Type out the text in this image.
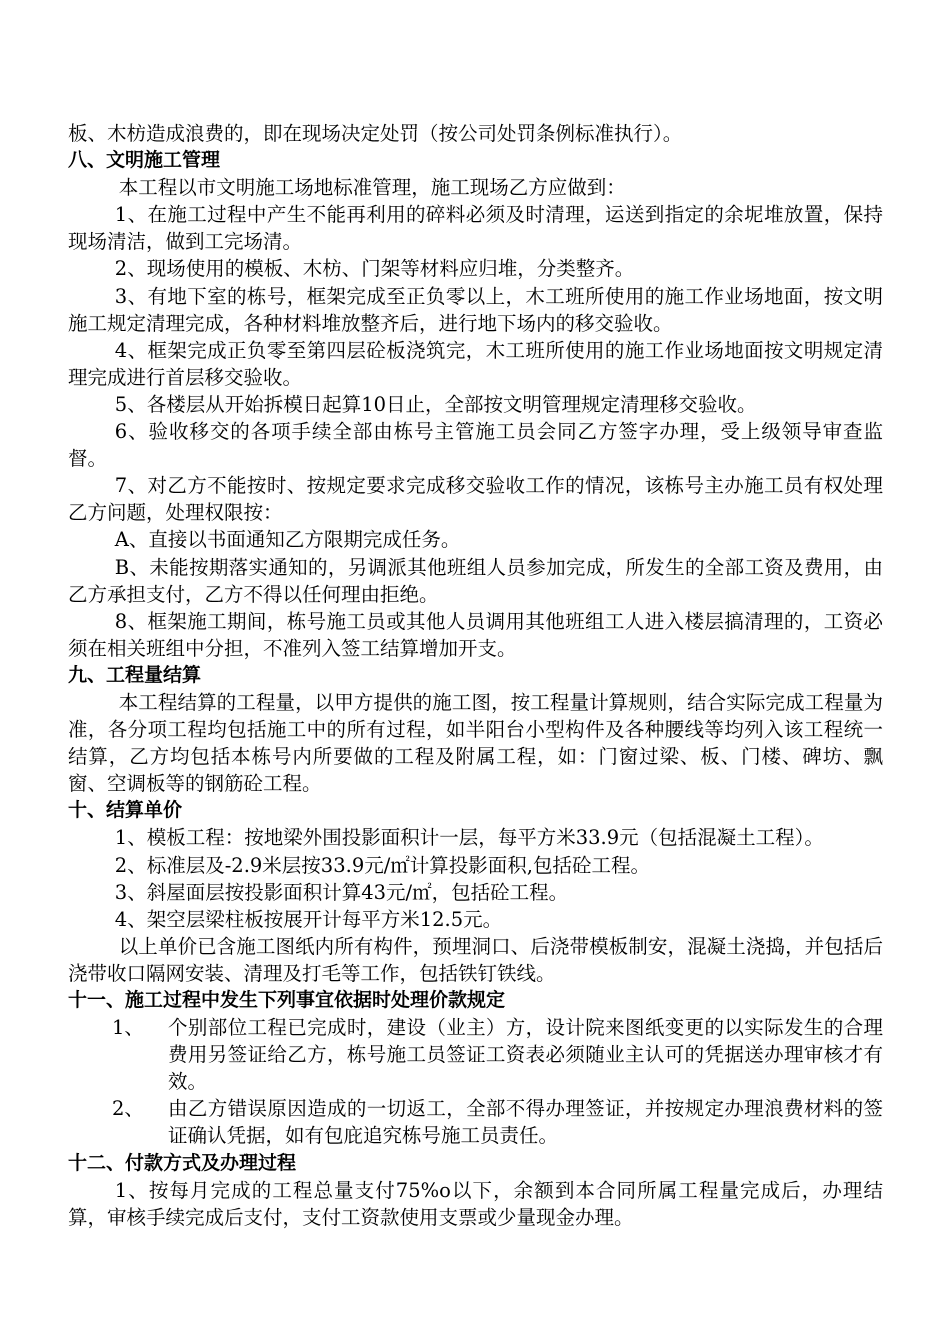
板、木枋造成浪费的，即在现场决定处罚（按公司处罚条例标准执行）。

八、文明施工管理

本工程以市文明施工场地标准管理，施工现场乙方应做到：

1、在施工过程中产生不能再利用的碎料必须及时清理，运送到指定的余坭堆放置，保持现场清洁，做到工完场清。

2、现场使用的模板、木枋、门架等材料应归堆，分类整齐。

3、有地下室的栋号，框架完成至正负零以上，木工班所使用的施工作业场地面，按文明施工规定清理完成，各种材料堆放整齐后，进行地下场内的移交验收。

4、框架完成正负零至第四层砼板浇筑完，木工班所使用的施工作业场地面按文明规定清理完成进行首层移交验收。

5、各楼层从开始拆模日起算10日止，全部按文明管理规定清理移交验收。

6、验收移交的各项手续全部由栋号主管施工员会同乙方签字办理，受上级领导审查监督。

7、对乙方不能按时、按规定要求完成移交验收工作的情况，该栋号主办施工员有权处理乙方问题，处理权限按：

A、直接以书面通知乙方限期完成任务。

B、未能按期落实通知的，另调派其他班组人员参加完成，所发生的全部工资及费用，由乙方承担支付，乙方不得以任何理由拒绝。

8、框架施工期间，栋号施工员或其他人员调用其他班组工人进入楼层搞清理的，工资必须在相关班组中分担，不准列入签工结算增加开支。

九、工程量结算

本工程结算的工程量，以甲方提供的施工图，按工程量计算规则，结合实际完成工程量为准，各分项工程均包括施工中的所有过程，如半阳台小型构件及各种腰线等均列入该工程统一结算，乙方均包括本栋号内所要做的工程及附属工程，如：门窗过梁、板、门楼、碑坊、飘窗、空调板等的钢筋砼工程。

十、结算单价

1、模板工程：按地梁外围投影面积计一层，每平方米33.9元（包括混凝土工程）。

2、标准层及-2.9米层按33.9元/㎡计算投影面积,包括砼工程。

3、斜屋面层按投影面积计算43元/㎡，包括砼工程。

4、架空层梁柱板按展开计每平方米12.5元。

以上单价已含施工图纸内所有构件，预埋洞口、后浇带模板制安，混凝土浇捣，并包括后浇带收口隔网安装、清理及打毛等工作，包括铁钉铁线。

十一、施工过程中发生下列事宜依据时处理价款规定

1、	个别部位工程已完成时，建设（业主）方，设计院来图纸变更的以实际发生的合理费用另签证给乙方，栋号施工员签证工资表必须随业主认可的凭据送办理审核才有效。
2、	由乙方错误原因造成的一切返工，全部不得办理签证，并按规定办理浪费材料的签证确认凭据，如有包庇追究栋号施工员责任。

十二、付款方式及办理过程

1、按每月完成的工程总量支付75%o以下，余额到本合同所属工程量完成后，办理结算，审核手续完成后支付，支付工资款使用支票或少量现金办理。
